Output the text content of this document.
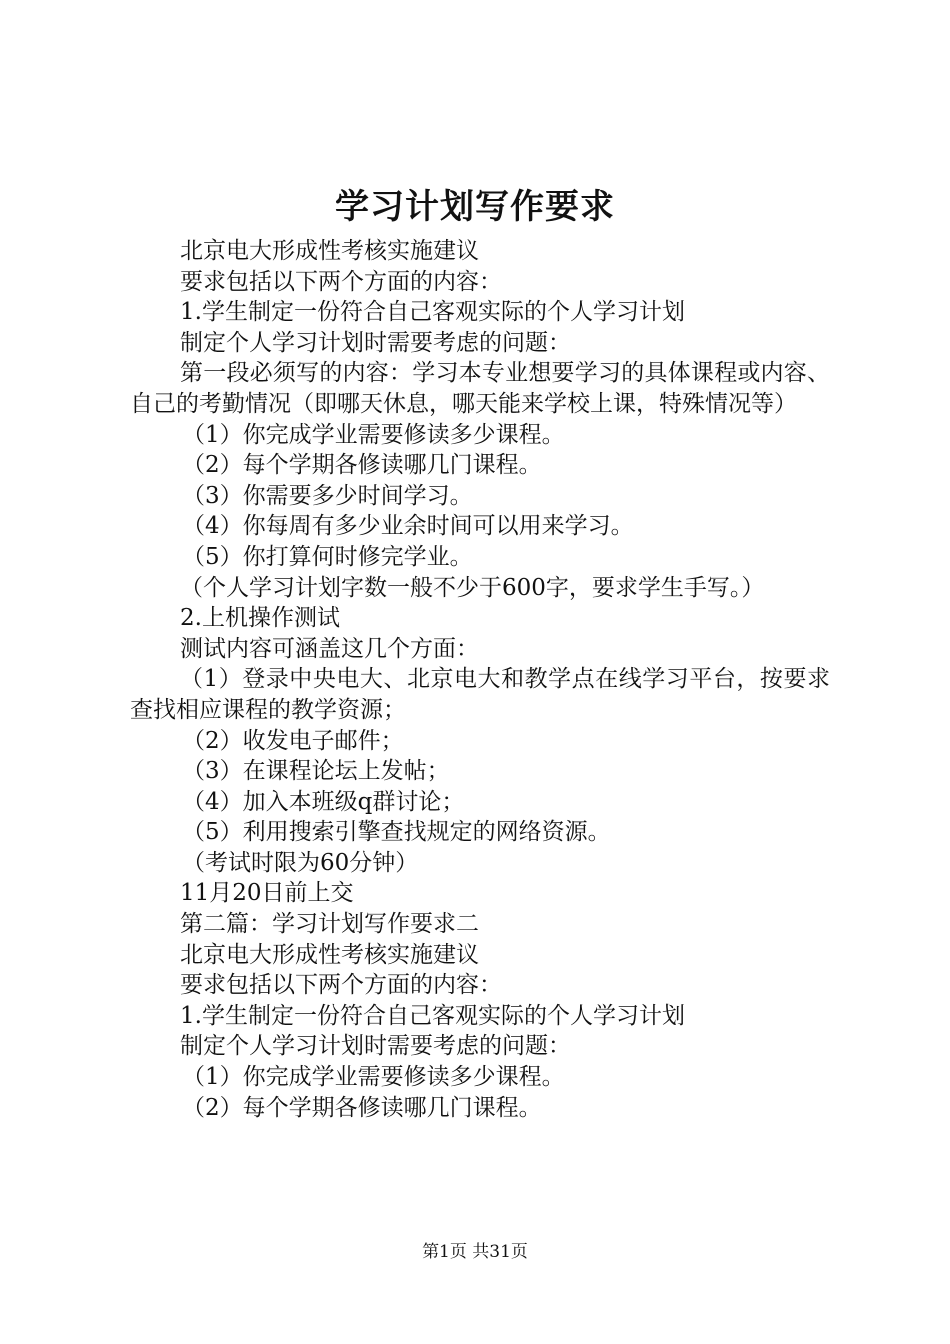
学习计划写作要求
北京电大形成性考核实施建议
要求包括以下两个方面的内容：
1.学生制定一份符合自己客观实际的个人学习计划
制定个人学习计划时需要考虑的问题：
第一段必须写的内容：学习本专业想要学习的具体课程或内容、自己的考勤情况（即哪天休息，哪天能来学校上课，特殊情况等）
（1）你完成学业需要修读多少课程。
（2）每个学期各修读哪几门课程。
（3）你需要多少时间学习。
（4）你每周有多少业余时间可以用来学习。
（5）你打算何时修完学业。
（个人学习计划字数一般不少于600字，要求学生手写。）
2.上机操作测试
测试内容可涵盖这几个方面：
（1）登录中央电大、北京电大和教学点在线学习平台，按要求查找相应课程的教学资源；
（2）收发电子邮件；
（3）在课程论坛上发帖；
（4）加入本班级q群讨论；
（5）利用搜索引擎查找规定的网络资源。
（考试时限为60分钟）
11月20日前上交
第二篇：学习计划写作要求二
北京电大形成性考核实施建议
要求包括以下两个方面的内容：
1.学生制定一份符合自己客观实际的个人学习计划
制定个人学习计划时需要考虑的问题：
（1）你完成学业需要修读多少课程。
（2）每个学期各修读哪几门课程。
第1页 共31页
